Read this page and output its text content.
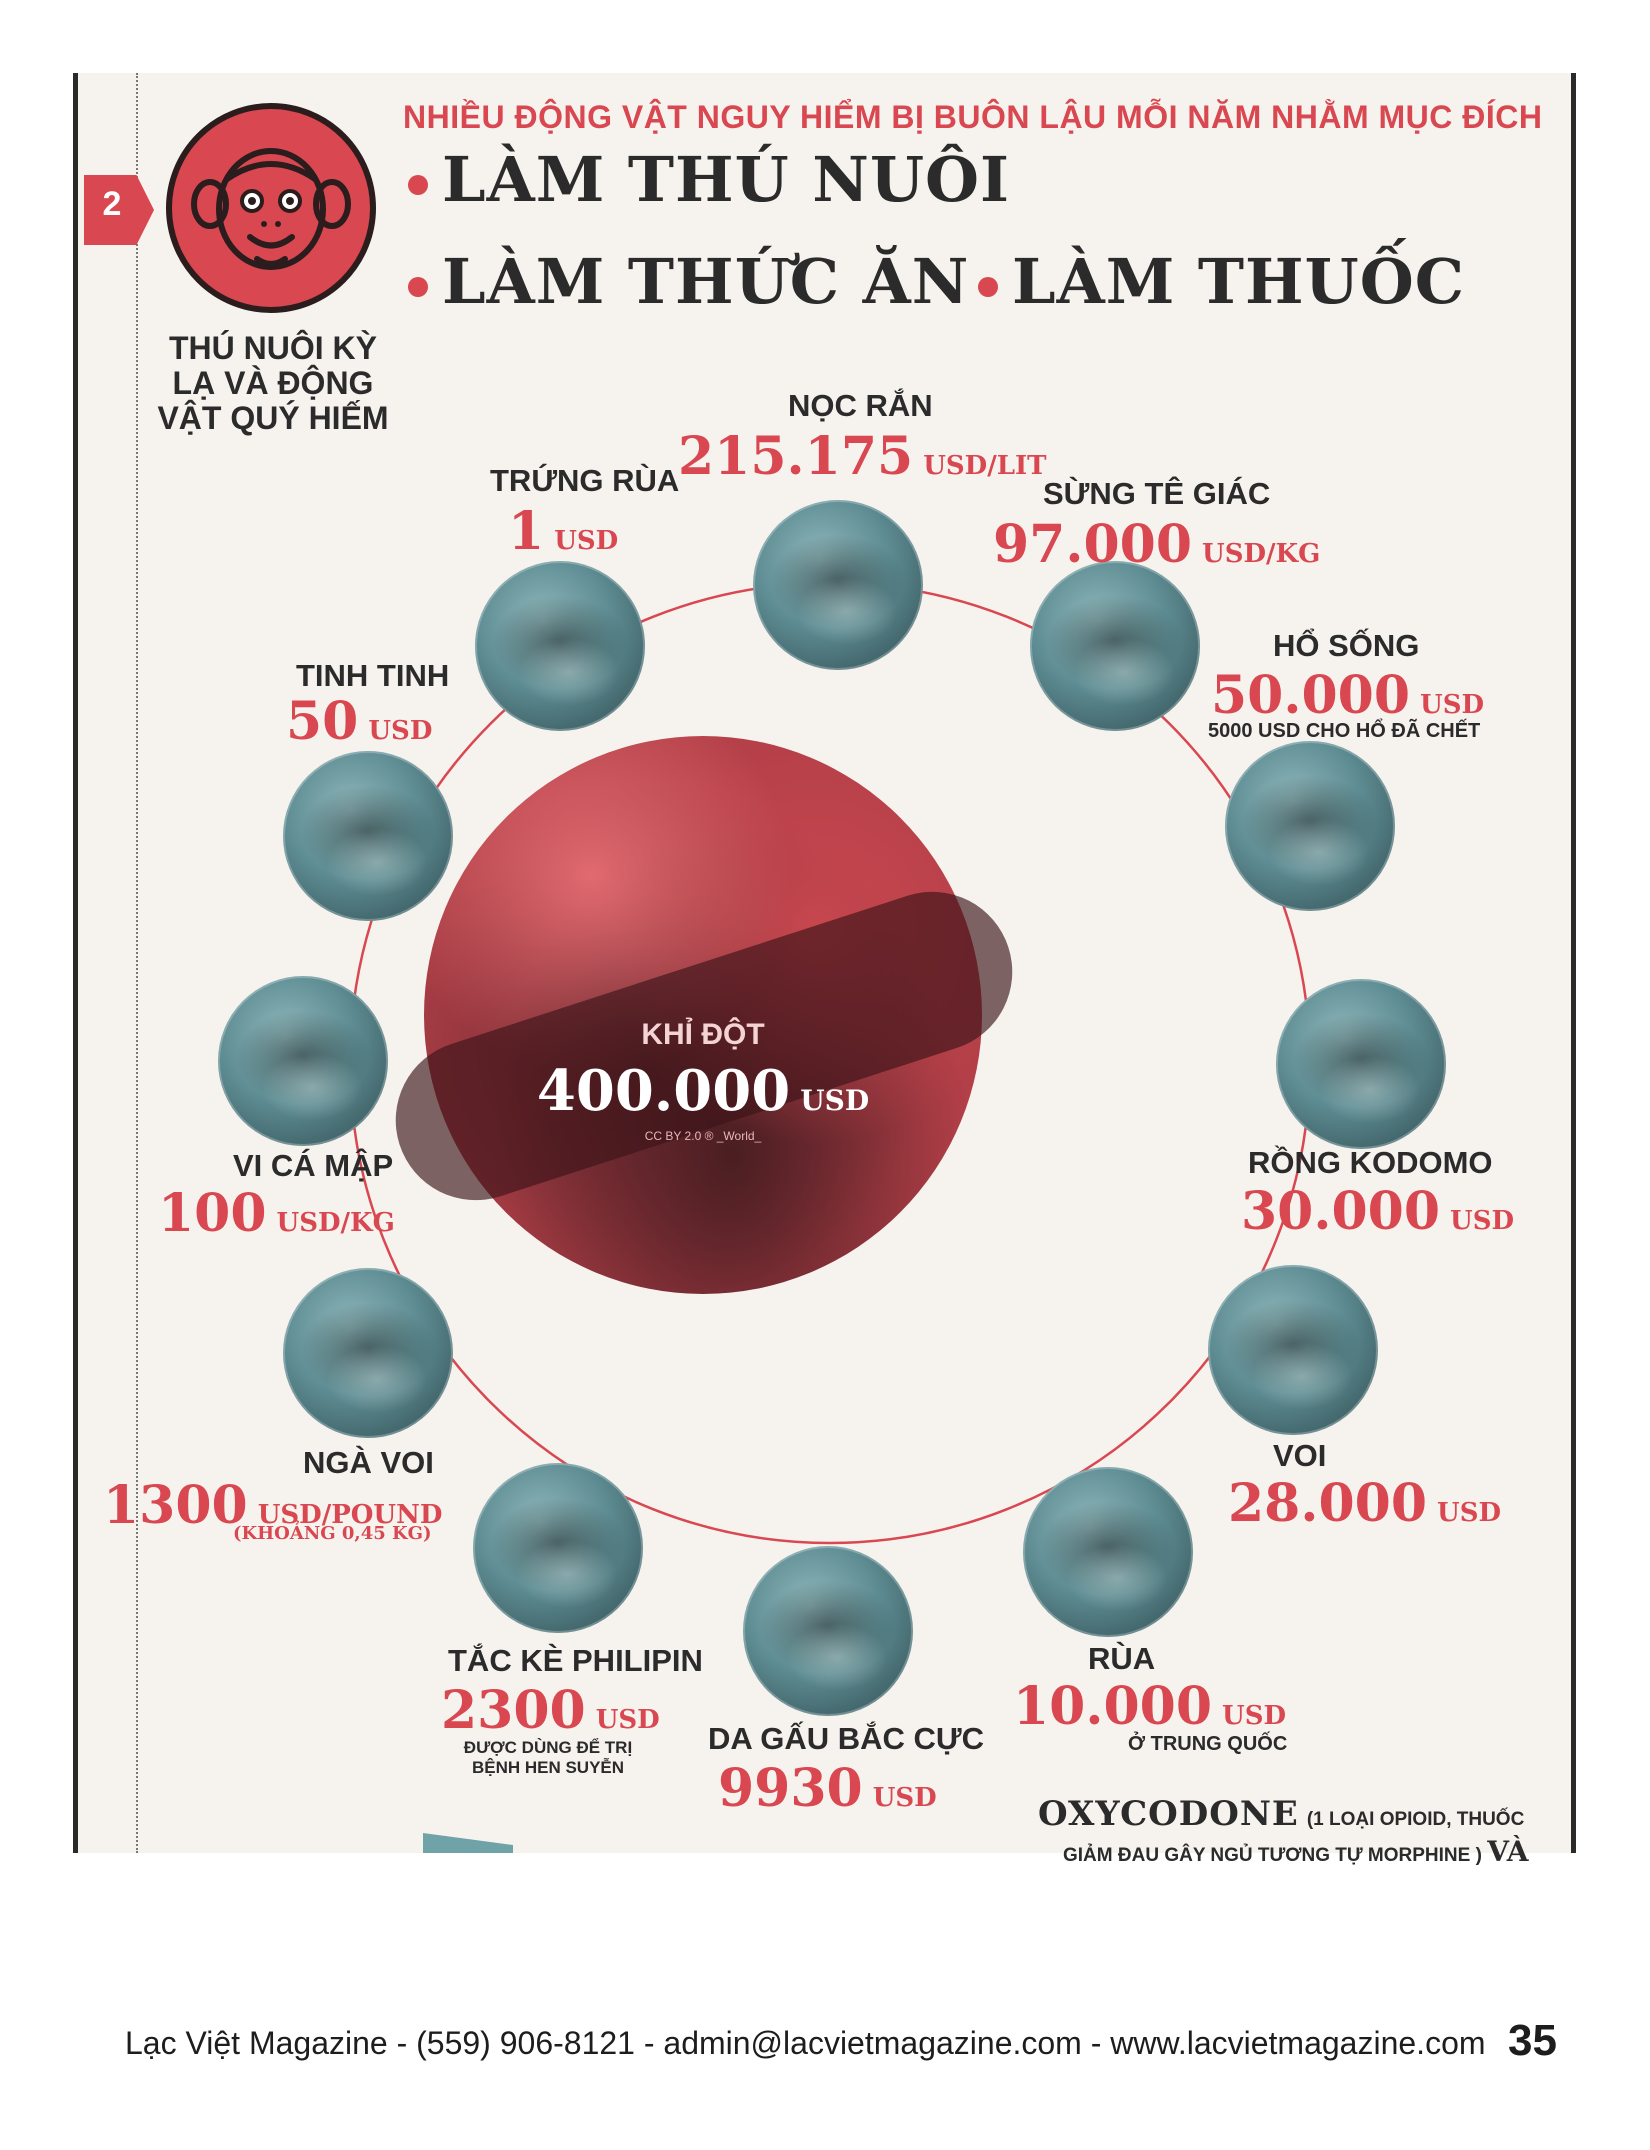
2
THÚ NUÔI KỲ LẠ VÀ ĐỘNG VẬT QUÝ HIẾM
NHIỀU ĐỘNG VẬT NGUY HIỂM BỊ BUÔN LẬU MỖI NĂM NHẰM MỤC ĐÍCH
LÀM THÚ NUÔI
LÀM THỨC ĂN LÀM THUỐC
KHỈ ĐỘT
400.000 USD
CC BY 2.0 ® _World_
NỌC RẮN
215.175 USD/LIT
SỪNG TÊ GIÁC
97.000 USD/KG
HỔ SỐNG
50.000 USD
5000 USD CHO HỔ ĐÃ CHẾT
RỒNG KODOMO
30.000 USD
VOI
28.000 USD
RÙA
10.000 USD
Ở TRUNG QUỐC
DA GẤU BẮC CỰC
9930 USD
TẮC KÈ PHILIPIN
2300 USD
ĐƯỢC DÙNG ĐỂ TRỊ BỆNH HEN SUYỄN
NGÀ VOI
1300 USD/POUND
(KHOẢNG 0,45 KG)
VI CÁ MẬP
100 USD/KG
TINH TINH
50 USD
TRỨNG RÙA
1 USD
OXYCODONE (1 LOẠI OPIOID, THUỐC
GIẢM ĐAU GÂY NGỦ TƯƠNG TỰ MORPHINE ) VÀ
Lạc Việt Magazine - (559) 906-8121 - admin@lacvietmagazine.com - www.lacvietmagazine.com 35
